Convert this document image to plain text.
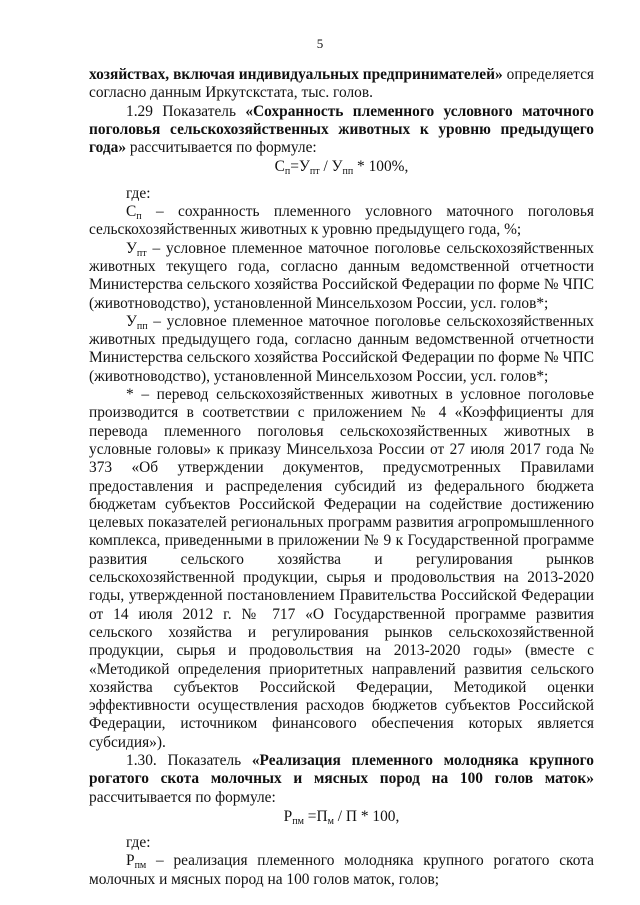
5

хозяйствах, включая индивидуальных предпринимателей» определяется согласно данным Иркутскстата, тыс. голов.

1.29 Показатель «Сохранность племенного условного маточного поголовья сельскохозяйственных животных к уровню предыдущего года» рассчитывается по формуле:

$С_п=У_{пт} / У_{пп} * 100\%$,

где:

$С_п$ – сохранность племенного условного маточного поголовья сельскохозяйственных животных к уровню предыдущего года, %;

$У_{пт}$ – условное племенное маточное поголовье сельскохозяйственных животных текущего года, согласно данным ведомственной отчетности Министерства сельского хозяйства Российской Федерации по форме № ЧПС (животноводство), установленной Минсельхозом России, усл. голов*;

$У_{пп}$ – условное племенное маточное поголовье сельскохозяйственных животных предыдущего года, согласно данным ведомственной отчетности Министерства сельского хозяйства Российской Федерации по форме № ЧПС (животноводство), установленной Минсельхозом России, усл. голов*;

* – перевод сельскохозяйственных животных в условное поголовье производится в соответствии с приложением № 4 «Коэффициенты для перевода племенного поголовья сельскохозяйственных животных в условные головы» к приказу Минсельхоза России от 27 июля 2017 года № 373 «Об утверждении документов, предусмотренных Правилами предоставления и распределения субсидий из федерального бюджета бюджетам субъектов Российской Федерации на содействие достижению целевых показателей региональных программ развития агропромышленного комплекса, приведенными в приложении № 9 к Государственной программе развития сельского хозяйства и регулирования рынков сельскохозяйственной продукции, сырья и продовольствия на 2013-2020 годы, утвержденной постановлением Правительства Российской Федерации от 14 июля 2012 г. № 717 «О Государственной программе развития сельского хозяйства и регулирования рынков сельскохозяйственной продукции, сырья и продовольствия на 2013-2020 годы» (вместе с «Методикой определения приоритетных направлений развития сельского хозяйства субъектов Российской Федерации, Методикой оценки эффективности осуществления расходов бюджетов субъектов Российской Федерации, источником финансового обеспечения которых является субсидия»).

1.30. Показатель «Реализация племенного молодняка крупного рогатого скота молочных и мясных пород на 100 голов маток» рассчитывается по формуле:

$Р_{пм} =П_м / П * 100$,

где:

$Р_{пм}$ – реализация племенного молодняка крупного рогатого скота молочных и мясных пород на 100 голов маток, голов;
